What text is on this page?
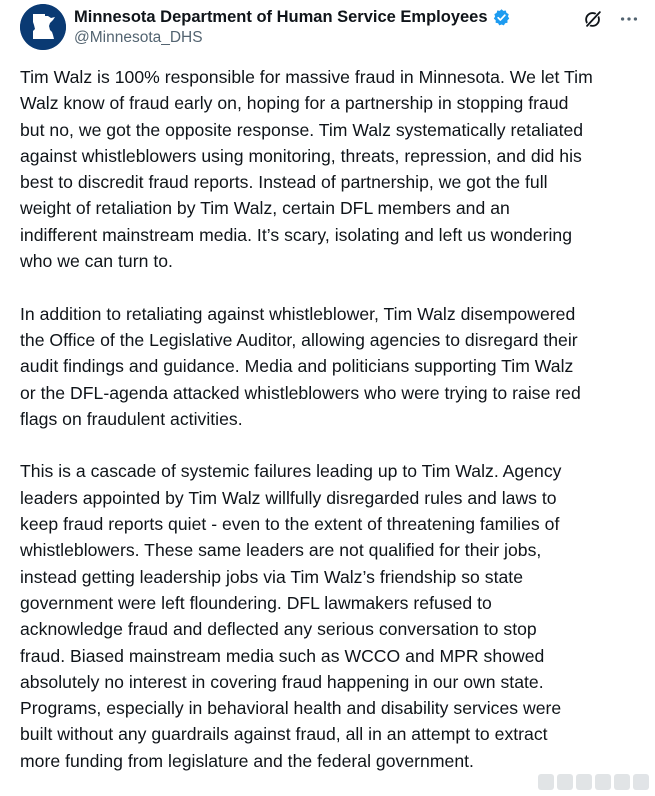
Minnesota Department of Human Service Employees
@Minnesota_DHS
Tim Walz is 100% responsible for massive fraud in Minnesota. We let Tim
Walz know of fraud early on, hoping for a partnership in stopping fraud
but no, we got the opposite response. Tim Walz systematically retaliated
against whistleblowers using monitoring, threats, repression, and did his
best to discredit fraud reports. Instead of partnership, we got the full
weight of retaliation by Tim Walz, certain DFL members and an
indifferent mainstream media. It’s scary, isolating and left us wondering
who we can turn to.
In addition to retaliating against whistleblower, Tim Walz disempowered
the Office of the Legislative Auditor, allowing agencies to disregard their
audit findings and guidance. Media and politicians supporting Tim Walz
or the DFL-agenda attacked whistleblowers who were trying to raise red
flags on fraudulent activities.
This is a cascade of systemic failures leading up to Tim Walz. Agency
leaders appointed by Tim Walz willfully disregarded rules and laws to
keep fraud reports quiet - even to the extent of threatening families of
whistleblowers. These same leaders are not qualified for their jobs,
instead getting leadership jobs via Tim Walz’s friendship so state
government were left floundering. DFL lawmakers refused to
acknowledge fraud and deflected any serious conversation to stop
fraud. Biased mainstream media such as WCCO and MPR showed
absolutely no interest in covering fraud happening in our own state.
Programs, especially in behavioral health and disability services were
built without any guardrails against fraud, all in an attempt to extract
more funding from legislature and the federal government.
